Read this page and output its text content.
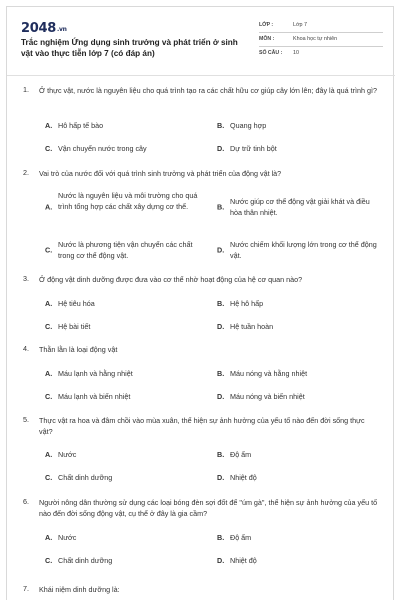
2048.vn
Trắc nghiệm Ứng dụng sinh trưởng và phát triển ở sinh vật vào thực tiễn lớp 7 (có đáp án)
LỚP :	Lớp 7
MÔN :	Khoa học tự nhiên
SỐ CÂU : 10
1. Ở thực vật, nước là nguyên liệu cho quá trình tạo ra các chất hữu cơ giúp cây lớn lên; đây là quá trình gì?
A. Hô hấp tế bào	B. Quang hợp
C. Vận chuyển nước trong cây	D. Dự trữ tinh bột
2. Vai trò của nước đối với quá trình sinh trưởng và phát triển của động vật là?
A.
Nước là nguyên liệu và môi trường cho quá trình tổng hợp các chất xây dựng cơ thể.	B.
Nước giúp cơ thể động vật giải khát và điều hòa thân nhiệt.
C.
Nước là phương tiện vận chuyển các chất trong cơ thể động vật.
D.
Nước chiếm khối lượng lớn trong cơ thể động vật.
3. Ở động vật dinh dưỡng được đưa vào cơ thể nhờ hoạt động của hệ cơ quan nào?
A. Hệ tiêu hóa	B. Hệ hô hấp
C. Hệ bài tiết	D. Hệ tuần hoàn
4. Thằn lằn là loại động vật
A. Máu lạnh và hằng nhiệt	B. Máu nóng và hằng nhiệt
C. Máu lạnh và biến nhiệt	D. Máu nóng và biến nhiệt
5. Thực vật ra hoa và đâm chồi vào mùa xuân, thể hiện sự ảnh hưởng của yếu tố nào đến đời sống thực vật?
A. Nước	B. Độ ẩm
C. Chất dinh dưỡng	D. Nhiệt độ
6. Người nông dân thường sử dụng các loại bóng đèn sợi đốt để "úm gà", thể hiện sự ảnh hưởng của yếu tố nào đến đời sống động vật, cụ thể ở đây là gia cầm?
A. Nước	B. Độ ẩm
C. Chất dinh dưỡng	D. Nhiệt độ
7. Khái niệm dinh dưỡng là:
